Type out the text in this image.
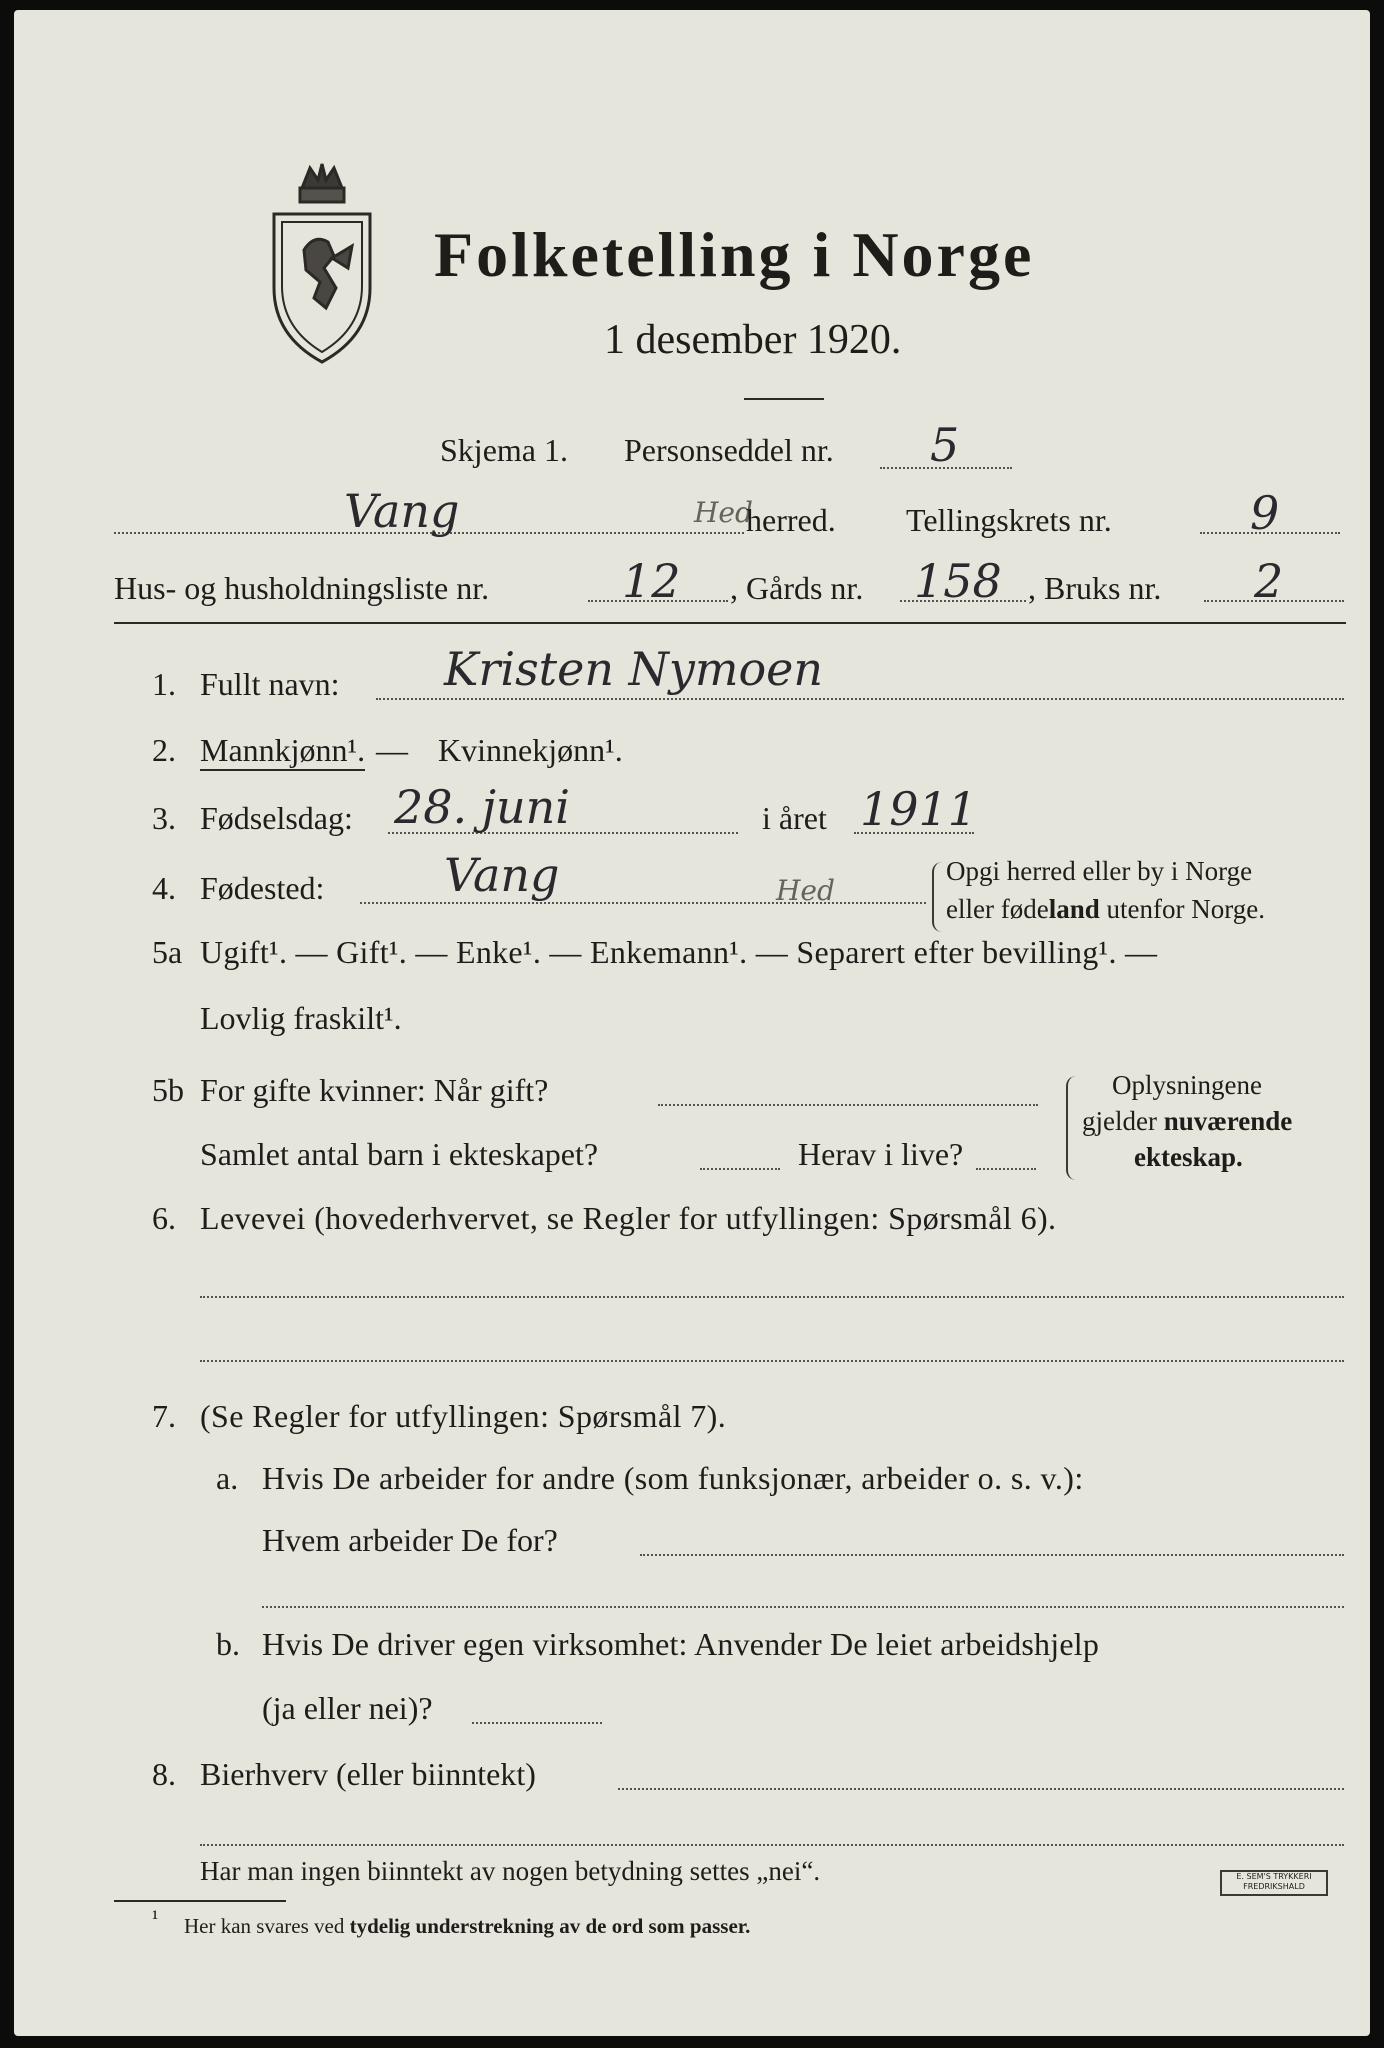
Folketelling i Norge
1 desember 1920.
Skjema 1. Personseddel nr. 5
Vang	Hed
herred. Tellingskrets nr.	9
Hus- og husholdningsliste nr.	12 , Gårds nr. 158 , Bruks nr. 2
1. Fullt navn: Kristen Nymoen
2. Mannkjønn¹. — Kvinnekjønn¹.
3. Fødselsdag: 28. juni	i året 1911
4. Fødested:	Vang	Hed
Opgi herred eller by i Norge
eller fødeland utenfor Norge.
5a Ugift¹. — Gift¹. — Enke¹. — Enkemann¹. — Separert efter bevilling¹. —
Lovlig fraskilt¹.
5b For gifte kvinner: Når gift?
Samlet antal barn i ekteskapet?	Herav i live?
Oplysningene
gjelder nuværende
ekteskap.
6. Levevei (hovederhvervet, se Regler for utfyllingen: Spørsmål 6).
7. (Se Regler for utfyllingen: Spørsmål 7).
a. Hvis De arbeider for andre (som funksjonær, arbeider o. s. v.):
Hvem arbeider De for?
b. Hvis De driver egen virksomhet: Anvender De leiet arbeidshjelp
(ja eller nei)?
8. Bierhverv (eller biinntekt)
Har man ingen biinntekt av nogen betydning settes „nei“.
¹ Her kan svares ved tydelig understrekning av de ord som passer.
E. SEM'S TRYKKERI
FREDRIKSHALD
